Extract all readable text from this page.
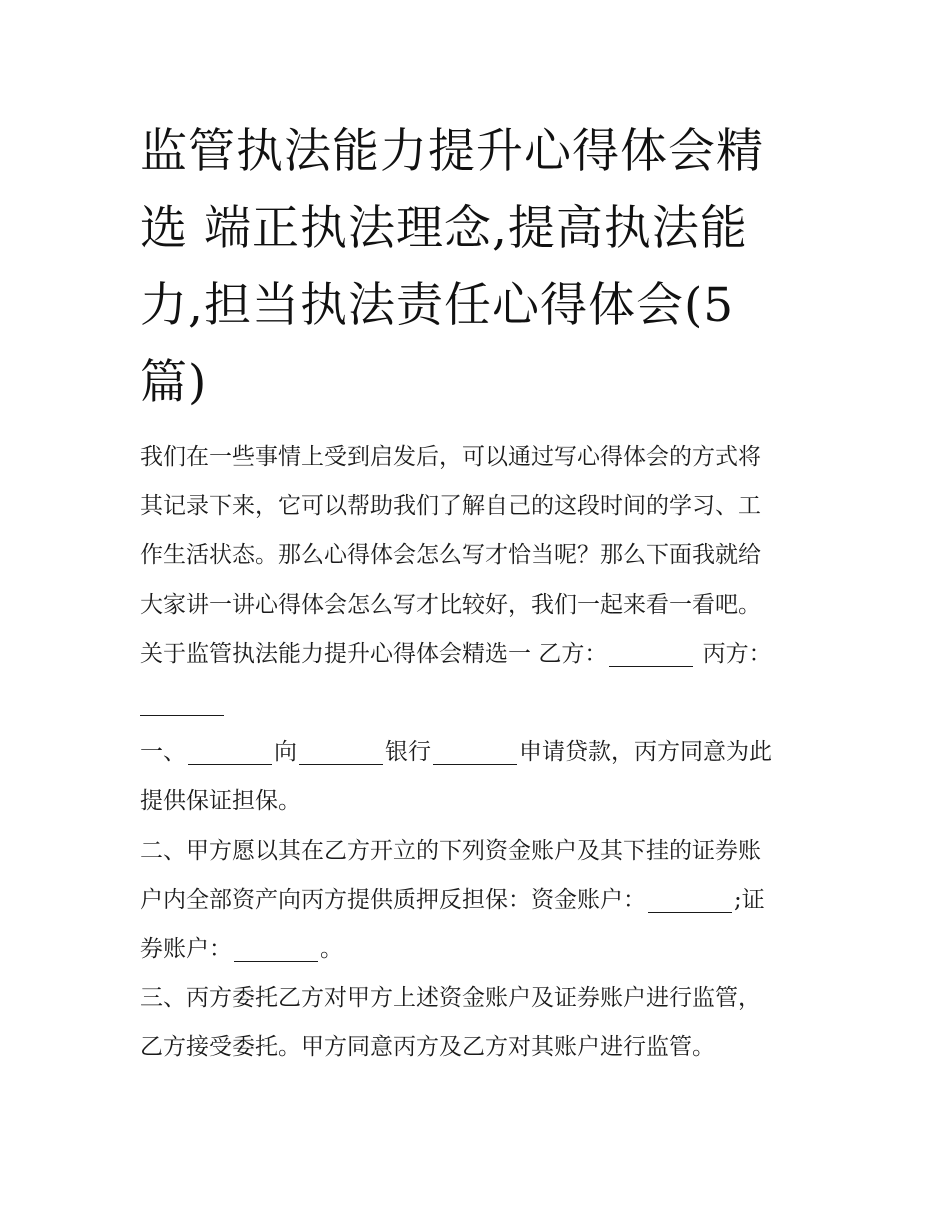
监管执法能力提升心得体会精
选 端正执法理念,提高执法能
力,担当执法责任心得体会(5
篇)
我们在一些事情上受到启发后，可以通过写心得体会的方式将
其记录下来，它可以帮助我们了解自己的这段时间的学习、工
作生活状态。那么心得体会怎么写才恰当呢？那么下面我就给
大家讲一讲心得体会怎么写才比较好，我们一起来看一看吧。
关于监管执法能力提升心得体会精选一 乙方：	丙方：
一、	向	银行	申请贷款，丙方同意为此
提供保证担保。
二、甲方愿以其在乙方开立的下列资金账户及其下挂的证券账
户内全部资产向丙方提供质押反担保：资金账户：	;证
券账户：	。
三、丙方委托乙方对甲方上述资金账户及证券账户进行监管，
乙方接受委托。甲方同意丙方及乙方对其账户进行监管。
